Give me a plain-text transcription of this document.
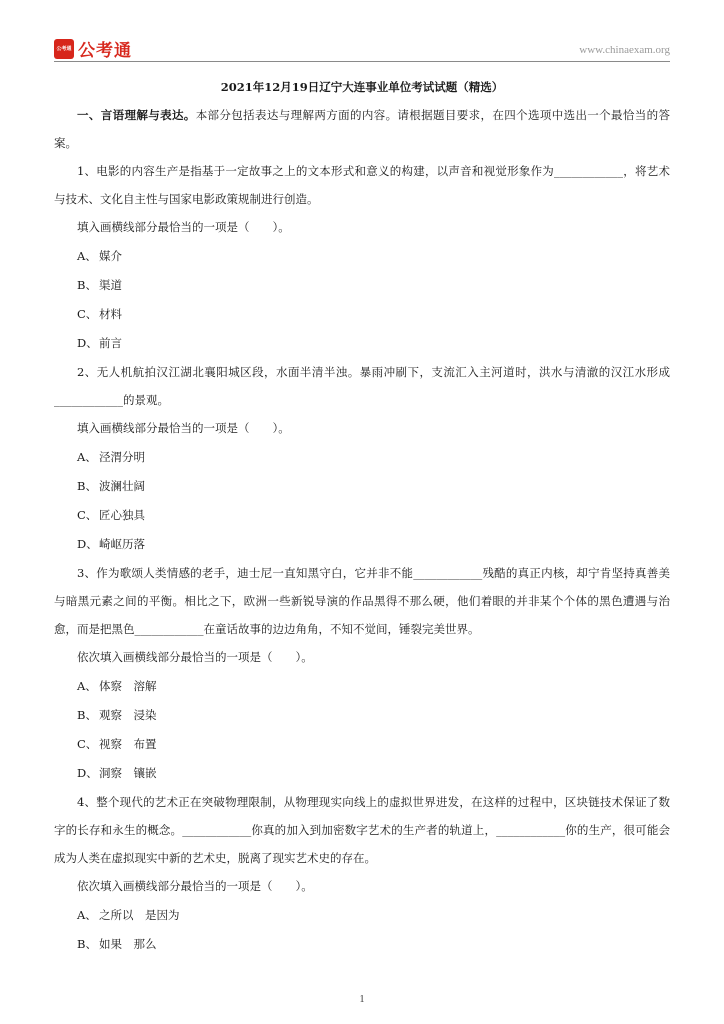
公考通 公考通	www.chinaexam.org
2021年12月19日辽宁大连事业单位考试试题（精选）

一、言语理解与表达。本部分包括表达与理解两方面的内容。请根据题目要求，在四个选项中选出一个最恰当的答案。

1、电影的内容生产是指基于一定故事之上的文本形式和意义的构建，以声音和视觉形象作为____________，将艺术与技术、文化自主性与国家电影政策规制进行创造。

填入画横线部分最恰当的一项是（　　）。

A、 媒介

B、 渠道

C、 材料

D、前言

2、无人机航拍汉江湖北襄阳城区段，水面半清半浊。暴雨冲刷下，支流汇入主河道时，洪水与清澈的汉江水形成____________的景观。

填入画横线部分最恰当的一项是（　　）。

A、 泾渭分明

B、 波澜壮阔

C、 匠心独具

D、崎岖历落

3、作为歌颂人类情感的老手，迪士尼一直知黑守白，它并非不能____________残酷的真正内核，却宁肯坚持真善美与暗黑元素之间的平衡。相比之下，欧洲一些新锐导演的作品黑得不那么硬，他们着眼的并非某个个体的黑色遭遇与治愈，而是把黑色____________在童话故事的边边角角，不知不觉间，锤裂完美世界。

依次填入画横线部分最恰当的一项是（　　）。

A、 体察　溶解

B、 观察　浸染

C、 视察　布置

D、洞察　镶嵌

4、整个现代的艺术正在突破物理限制，从物理现实向线上的虚拟世界进发，在这样的过程中，区块链技术保证了数字的长存和永生的概念。____________你真的加入到加密数字艺术的生产者的轨道上，____________你的生产，很可能会成为人类在虚拟现实中新的艺术史，脱离了现实艺术史的存在。

依次填入画横线部分最恰当的一项是（　　）。

A、 之所以　是因为

B、 如果　那么

1
